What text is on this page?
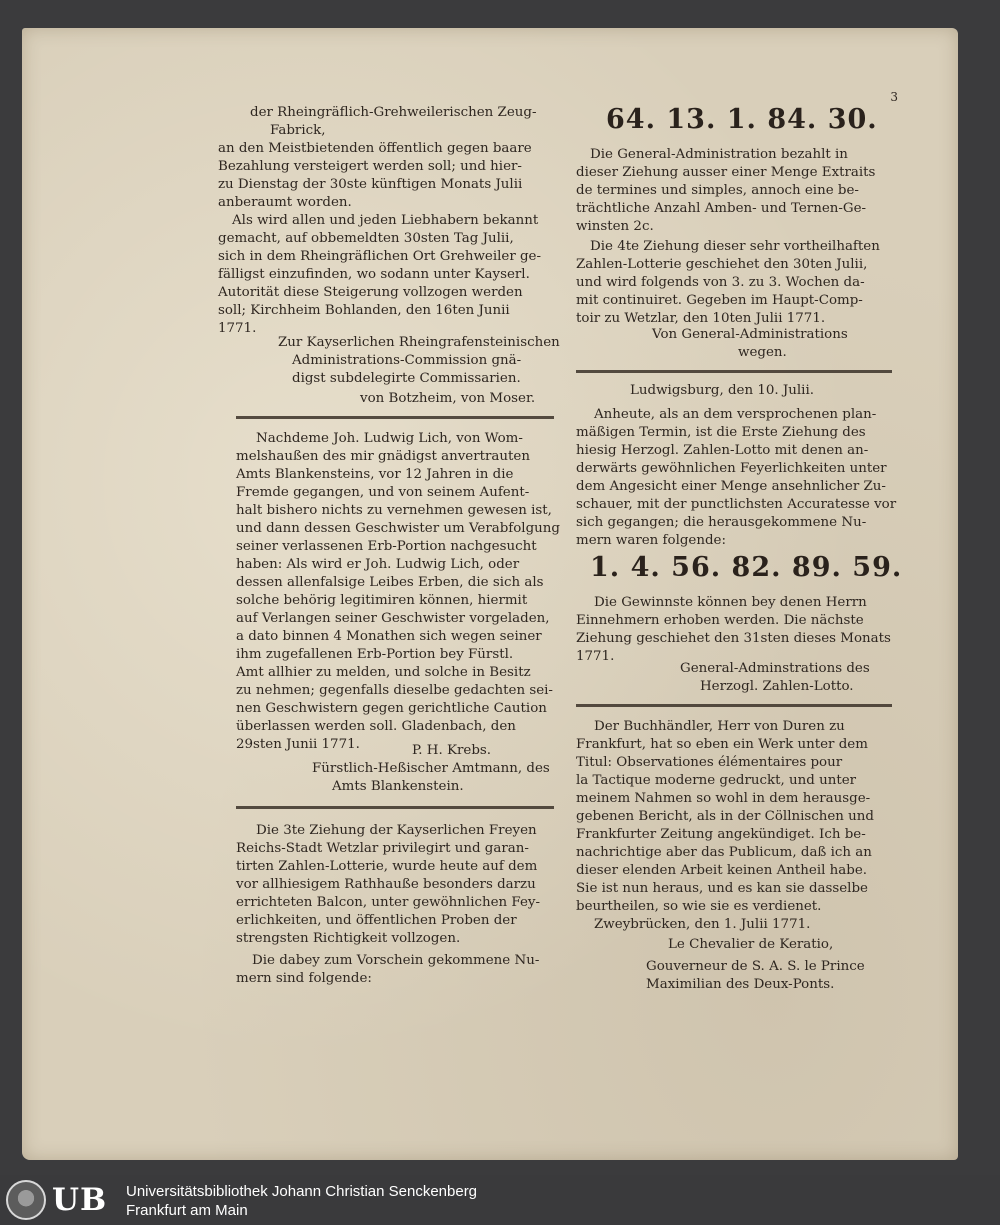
3
der Rheingräflich-Grehweilerischen Zeug-
Fabrick,
an den Meistbietenden öffentlich gegen baare
Bezahlung versteigert werden soll; und hier-
zu Dienstag der 30ste künftigen Monats Julii
anberaumt worden.
Als wird allen und jeden Liebhabern bekannt
gemacht, auf obbemeldten 30sten Tag Julii,
sich in dem Rheingräflichen Ort Grehweiler ge-
fälligst einzufinden, wo sodann unter Kayserl.
Autorität diese Steigerung vollzogen werden
soll; Kirchheim Bohlanden, den 16ten Junii
1771.
Zur Kayserlichen Rheingrafensteinischen
Administrations-Commission gnä-
digst subdelegirte Commissarien.
von Botzheim, von Moser.
Nachdeme Joh. Ludwig Lich, von Wom-
melshaußen des mir gnädigst anvertrauten
Amts Blankensteins, vor 12 Jahren in die
Fremde gegangen, und von seinem Aufent-
halt bishero nichts zu vernehmen gewesen ist,
und dann dessen Geschwister um Verabfolgung
seiner verlassenen Erb-Portion nachgesucht
haben: Als wird er Joh. Ludwig Lich, oder
dessen allenfalsige Leibes Erben, die sich als
solche behörig legitimiren können, hiermit
auf Verlangen seiner Geschwister vorgeladen,
a dato binnen 4 Monathen sich wegen seiner
ihm zugefallenen Erb-Portion bey Fürstl.
Amt allhier zu melden, und solche in Besitz
zu nehmen; gegenfalls dieselbe gedachten sei-
nen Geschwistern gegen gerichtliche Caution
überlassen werden soll. Gladenbach, den
29sten Junii 1771.	P. H. Krebs.
Fürstlich-Heßischer Amtmann, des
Amts Blankenstein.
Die 3te Ziehung der Kayserlichen Freyen
Reichs-Stadt Wetzlar privilegirt und garan-
tirten Zahlen-Lotterie, wurde heute auf dem
vor allhiesigem Rathhauße besonders darzu
errichteten Balcon, unter gewöhnlichen Fey-
erlichkeiten, und öffentlichen Proben der
strengsten Richtigkeit vollzogen.
Die dabey zum Vorschein gekommene Nu-
mern sind folgende:
64. 13. 1. 84. 30.
Die General-Administration bezahlt in
dieser Ziehung ausser einer Menge Extraits
de termines und simples, annoch eine be-
trächtliche Anzahl Amben- und Ternen-Ge-
winsten 2c.
Die 4te Ziehung dieser sehr vortheilhaften
Zahlen-Lotterie geschiehet den 30ten Julii,
und wird folgends von 3. zu 3. Wochen da-
mit continuiret. Gegeben im Haupt-Comp-
toir zu Wetzlar, den 10ten Julii 1771.
Von General-Administrations
wegen.
Ludwigsburg, den 10. Julii.
Anheute, als an dem versprochenen plan-
mäßigen Termin, ist die Erste Ziehung des
hiesig Herzogl. Zahlen-Lotto mit denen an-
derwärts gewöhnlichen Feyerlichkeiten unter
dem Angesicht einer Menge ansehnlicher Zu-
schauer, mit der punctlichsten Accuratesse vor
sich gegangen; die herausgekommene Nu-
mern waren folgende:
1. 4. 56. 82. 89. 59.
Die Gewinnste können bey denen Herrn
Einnehmern erhoben werden. Die nächste
Ziehung geschiehet den 31sten dieses Monats
1771.
General-Adminstrations des
Herzogl. Zahlen-Lotto.
Der Buchhändler, Herr von Duren zu
Frankfurt, hat so eben ein Werk unter dem
Titul: Observationes élémentaires pour
la Tactique moderne gedruckt, und unter
meinem Nahmen so wohl in dem herausge-
gebenen Bericht, als in der Cöllnischen und
Frankfurter Zeitung angekündiget. Ich be-
nachrichtige aber das Publicum, daß ich an
dieser elenden Arbeit keinen Antheil habe.
Sie ist nun heraus, und es kan sie dasselbe
beurtheilen, so wie sie es verdienet.
Zweybrücken, den 1. Julii 1771.
Le Chevalier de Keratio,
Gouverneur de S. A. S. le Prince
Maximilian des Deux-Ponts.
UB Universitätsbibliothek Johann Christian Senckenberg
Frankfurt am Main
